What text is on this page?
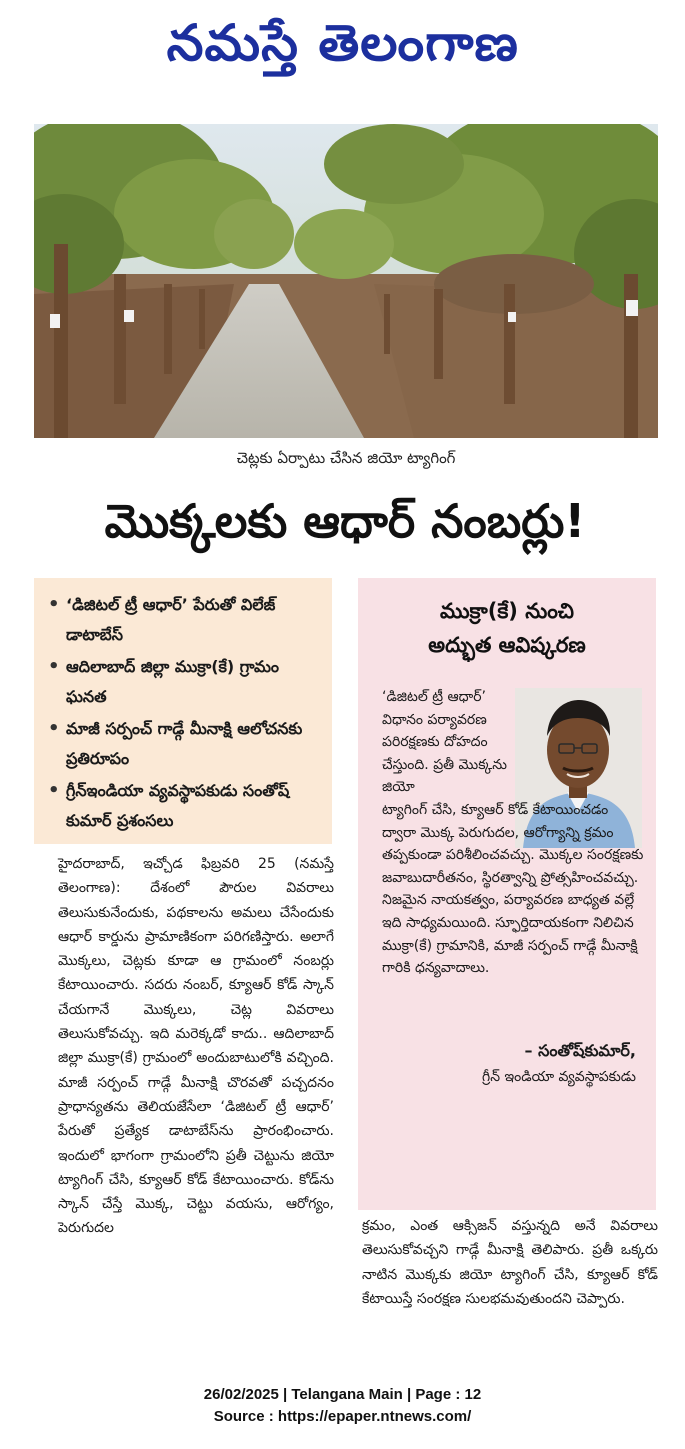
నమస్తే తెలంగాణ
చెట్లకు ఏర్పాటు చేసిన జియో ట్యాగింగ్
మొక్కలకు ఆధార్ నంబర్లు!
• ‘డిజిటల్ ట్రీ ఆధార్’ పేరుతో విలేజ్ డాటాబేస్
• ఆదిలాబాద్ జిల్లా ముక్రా(కే) గ్రామం ఘనత
• మాజీ సర్పంచ్ గాడ్గే మీనాక్షి ఆలోచనకు ప్రతిరూపం
• గ్రీన్‌ఇండియా వ్యవస్థాపకుడు సంతోష్ కుమార్ ప్రశంసలు
ముక్రా(కే) నుంచి
అద్భుత ఆవిష్కరణ
‘డిజిటల్ ట్రీ ఆధార్’ విధానం పర్యావరణ పరిరక్షణకు దోహదం చేస్తుంది. ప్రతీ మొక్కను జియో
ట్యాగింగ్ చేసి, క్యూఆర్ కోడ్ కేటాయించడం ద్వారా మొక్క పెరుగుదల, ఆరోగ్యాన్ని క్రమం తప్పకుండా పరిశీలించవచ్చు. మొక్కల సంరక్షణకు జవాబుదారీతనం, స్థిరత్వాన్ని ప్రోత్సహించవచ్చు. నిజమైన నాయకత్వం, పర్యావరణ బాధ్యత వల్లే ఇది సాధ్యమయింది. స్ఫూర్తిదాయకంగా నిలిచిన ముక్రా(కే) గ్రామానికి, మాజీ సర్పంచ్ గాడ్గే మీనాక్షి గారికి ధన్యవాదాలు.
– సంతోష్‌కుమార్,
గ్రీన్ ఇండియా వ్యవస్థాపకుడు

హైదరాబాద్, ఇచ్చోడ ఫిబ్రవరి 25 (నమస్తే తెలంగాణ): దేశంలో పౌరుల వివరాలు తెలుసుకునేందుకు, పథకాలను అమలు చేసేందుకు ఆధార్ కార్డును ప్రామాణికంగా పరిగణిస్తారు. అలాగే మొక్కలు, చెట్లకు కూడా ఆ గ్రామంలో నంబర్లు కేటాయించారు. సదరు నంబర్, క్యూఆర్ కోడ్ స్కాన్ చేయగానే మొక్కలు, చెట్ల వివరాలు తెలుసుకోవచ్చు. ఇది మరెక్కడో కాదు.. ఆదిలాబాద్ జిల్లా ముక్రా(కే) గ్రామంలో అందుబాటులోకి వచ్చింది. మాజీ సర్పంచ్ గాడ్గే మీనాక్షి చొరవతో పచ్చదనం ప్రాధాన్యతను తెలియజేసేలా ‘డిజిటల్ ట్రీ ఆధార్’ పేరుతో ప్రత్యేక డాటాబేస్‌ను ప్రారంభించారు. ఇందులో భాగంగా గ్రామంలోని ప్రతీ చెట్టును జియో ట్యాగింగ్ చేసి, క్యూఆర్ కోడ్ కేటాయించారు. కోడ్‌ను స్కాన్ చేస్తే మొక్క, చెట్టు వయసు, ఆరోగ్యం, పెరుగుదల	క్రమం, ఎంత ఆక్సిజన్ వస్తున్నది అనే వివరాలు తెలుసుకోవచ్చని గాడ్గే మీనాక్షి తెలిపారు. ప్రతీ ఒక్కరు నాటిన మొక్కకు జియో ట్యాగింగ్ చేసి, క్యూఆర్ కోడ్ కేటాయిస్తే సంరక్షణ సులభమవుతుందని చెప్పారు.

26/02/2025 | Telangana Main | Page : 12
Source : https://epaper.ntnews.com/
